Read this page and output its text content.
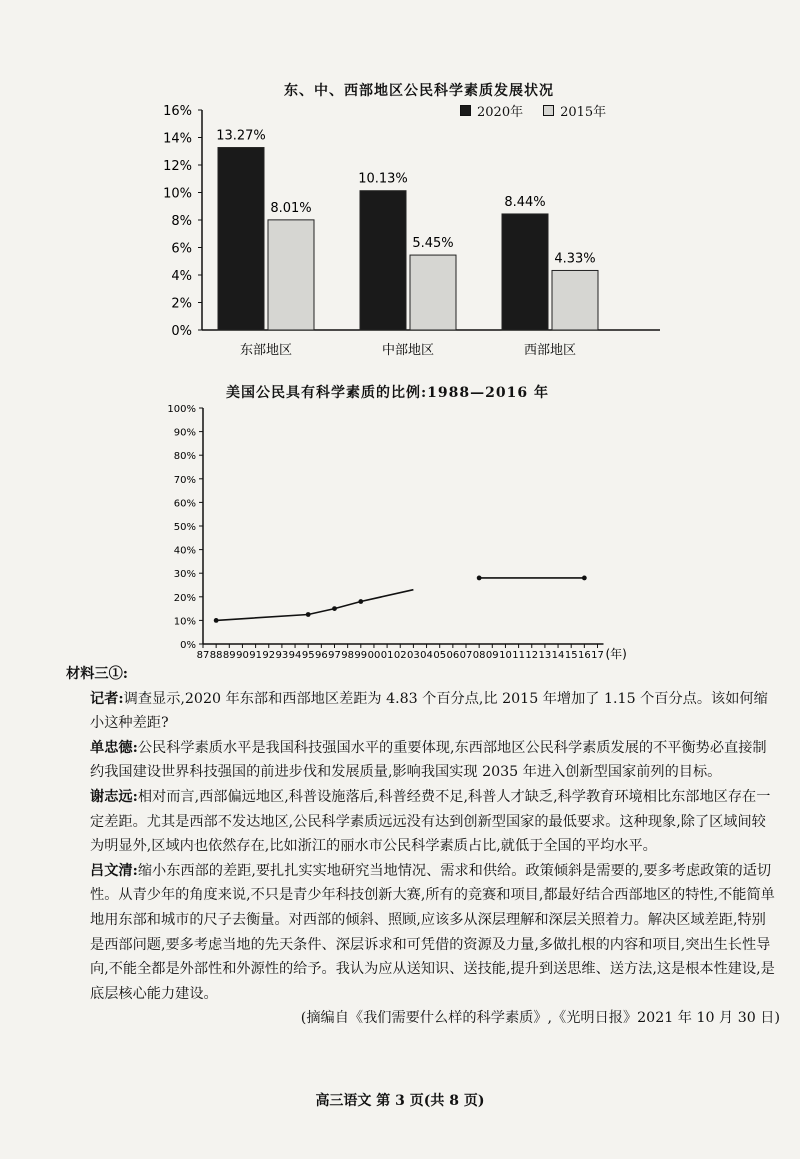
东、中、西部地区公民科学素质发展状况
2020年	2015年
0%
2%
4%
6%
8%
10%
12%
14%
16%
13.27%
8.01%
东部地区
10.13%
5.45%
中部地区
8.44%
4.33%
西部地区
美国公民具有科学素质的比例:1988—2016 年
0%
10%
20%
30%
40%
50%
60%
70%
80%
90%
100%
87 88 89 90 91 92 93 94 95 96 97 98 99 00 01 02 03 04 05 06 07 08 09 10 11 12 13 14 15 16 17 (年)

材料三①:

记者:调查显示,2020 年东部和西部地区差距为 4.83 个百分点,比 2015 年增加了 1.15 个百分点。该如何缩小这种差距?

单忠德:公民科学素质水平是我国科技强国水平的重要体现,东西部地区公民科学素质发展的不平衡势必直接制约我国建设世界科技强国的前进步伐和发展质量,影响我国实现 2035 年进入创新型国家前列的目标。

谢志远:相对而言,西部偏远地区,科普设施落后,科普经费不足,科普人才缺乏,科学教育环境相比东部地区存在一定差距。尤其是西部不发达地区,公民科学素质远远没有达到创新型国家的最低要求。这种现象,除了区域间较为明显外,区域内也依然存在,比如浙江的丽水市公民科学素质占比,就低于全国的平均水平。

吕文清:缩小东西部的差距,要扎扎实实地研究当地情况、需求和供给。政策倾斜是需要的,要多考虑政策的适切性。从青少年的角度来说,不只是青少年科技创新大赛,所有的竞赛和项目,都最好结合西部地区的特性,不能简单地用东部和城市的尺子去衡量。对西部的倾斜、照顾,应该多从深层理解和深层关照着力。解决区域差距,特别是西部问题,要多考虑当地的先天条件、深层诉求和可凭借的资源及力量,多做扎根的内容和项目,突出生长性导向,不能全都是外部性和外源性的给予。我认为应从送知识、送技能,提升到送思维、送方法,这是根本性建设,是底层核心能力建设。

(摘编自《我们需要什么样的科学素质》,《光明日报》2021 年 10 月 30 日)

高三语文 第 3 页(共 8 页)
